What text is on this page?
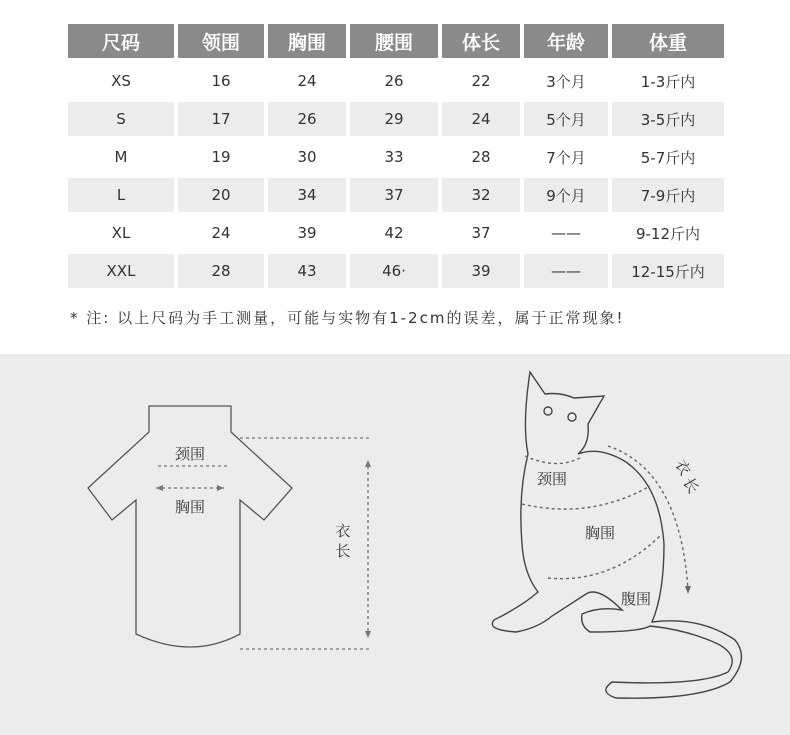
尺码	领围	胸围	腰围	体长	年龄	体重
XS	16	24	26	22	3个月	1-3斤内
S	17	26	29	24	5个月	3-5斤内
M	19	30	33	28	7个月	5-7斤内
L	20	34	37	32	9个月	7-9斤内
XL	24	39	42	37	——	9-12斤内
XXL	28	43	46·	39	——	12-15斤内
* 注: 以上尺码为手工测量，可能与实物有1-2cm的误差，属于正常现象!
颈围
胸围
衣
长
颈围
胸围
腹围
衣
长
